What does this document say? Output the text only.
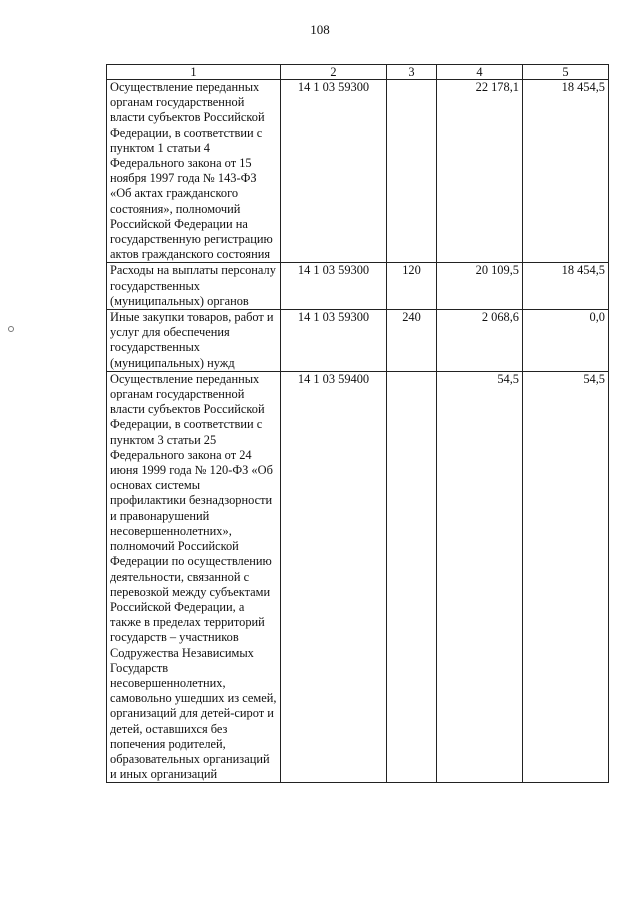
108
1	2	3	4	5
Осуществление переданных органам государственной власти субъектов Российской Федерации, в соответствии с пунктом 1 статьи 4 Федерального закона от 15 ноября 1997 года № 143-ФЗ «Об актах гражданского состояния», полномочий Российской Федерации на государственную регистрацию актов гражданского состояния	14 1 03 59300		22 178,1	18 454,5
Расходы на выплаты персоналу государственных (муниципальных) органов	14 1 03 59300	120	20 109,5	18 454,5
Иные закупки товаров, работ и услуг для обеспечения государственных (муниципальных) нужд	14 1 03 59300	240	2 068,6	0,0
Осуществление переданных органам государственной власти субъектов Российской Федерации, в соответствии с пунктом 3 статьи 25 Федерального закона от 24 июня 1999 года № 120-ФЗ «Об основах системы профилактики безнадзорности и правонарушений несовершеннолетних», полномочий Российской Федерации по осуществлению деятельности, связанной с перевозкой между субъектами Российской Федерации, а также в пределах территорий государств – участников Содружества Независимых Государств несовершеннолетних, самовольно ушедших из семей, организаций для детей-сирот и детей, оставшихся без попечения родителей, образовательных организаций и иных организаций	14 1 03 59400		54,5	54,5
